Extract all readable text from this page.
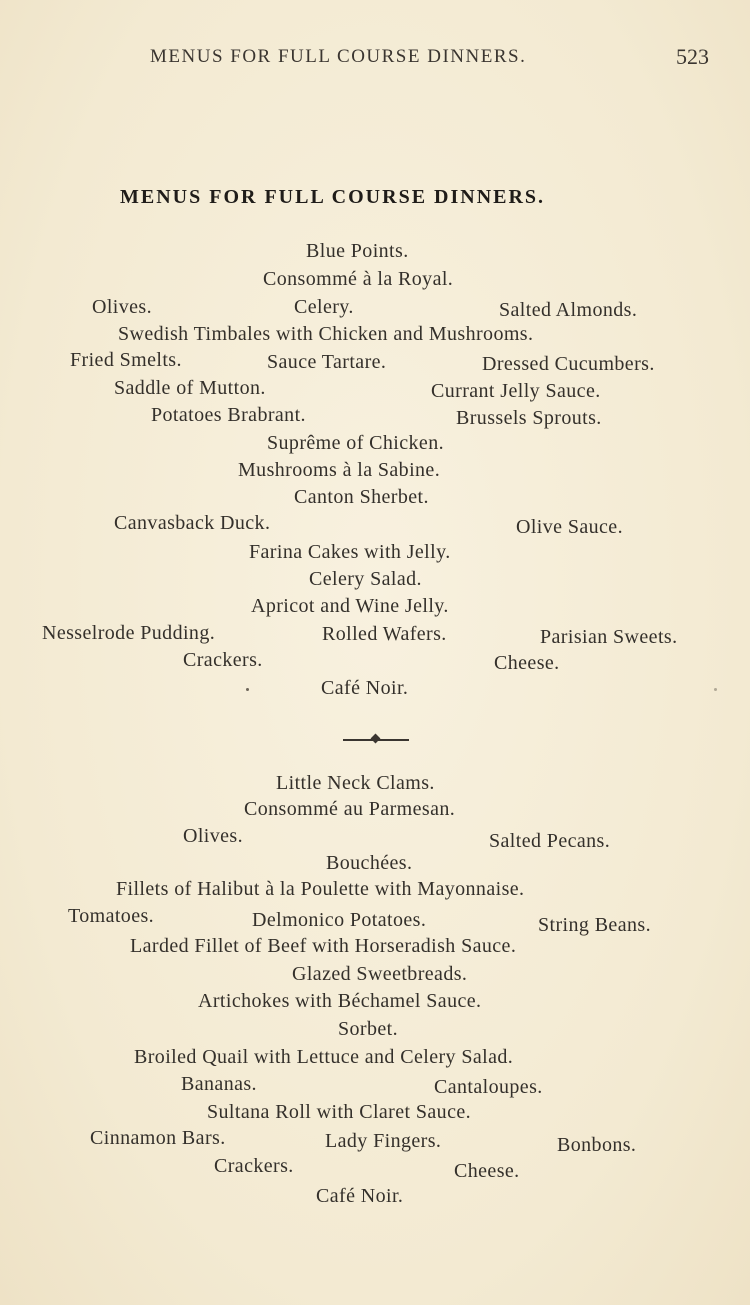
MENUS FOR FULL COURSE DINNERS.	523
MENUS FOR FULL COURSE DINNERS.
Blue Points.
Consommé à la Royal.
Olives.	Celery.	Salted Almonds.
Swedish Timbales with Chicken and Mushrooms.
Fried Smelts.	Sauce Tartare.	Dressed Cucumbers.
Saddle of Mutton.	Currant Jelly Sauce.
Potatoes Brabrant.	Brussels Sprouts.
Suprême of Chicken.
Mushrooms à la Sabine.
Canton Sherbet.
Canvasback Duck.	Olive Sauce.
Farina Cakes with Jelly.
Celery Salad.
Apricot and Wine Jelly.
Nesselrode Pudding.	Rolled Wafers.	Parisian Sweets.
Crackers.	Cheese.
Café Noir.
Little Neck Clams.
Consommé au Parmesan.
Olives.	Salted Pecans.
Bouchées.
Fillets of Halibut à la Poulette with Mayonnaise.
Tomatoes.	Delmonico Potatoes.	String Beans.
Larded Fillet of Beef with Horseradish Sauce.
Glazed Sweetbreads.
Artichokes with Béchamel Sauce.
Sorbet.
Broiled Quail with Lettuce and Celery Salad.
Bananas.	Cantaloupes.
Sultana Roll with Claret Sauce.
Cinnamon Bars.	Lady Fingers.	Bonbons.
Crackers.	Cheese.
Café Noir.
